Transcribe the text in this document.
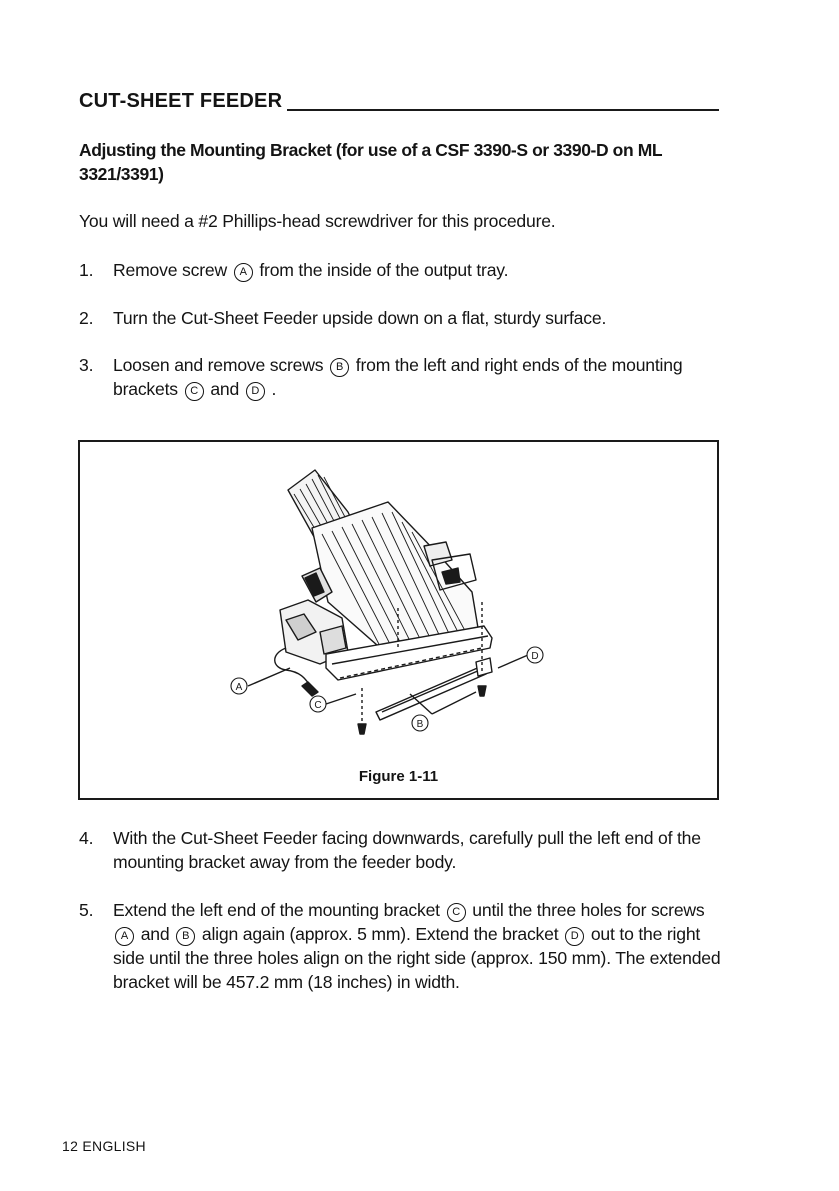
CUT-SHEET FEEDER
Adjusting the Mounting Bracket (for use of a CSF 3390-S or 3390-D on ML 3321/3391)
You will need a #2 Phillips-head screwdriver for this procedure.
1. Remove screw A from the inside of the output tray.
2. Turn the Cut-Sheet Feeder upside down on a flat, sturdy surface.
3. Loosen and remove screws B from the left and right ends of the mounting brackets C and D .
A
B
C
D
Figure 1-11
4. With the Cut-Sheet Feeder facing downwards, carefully pull the left end of the mounting bracket away from the feeder body.
5. Extend the left end of the mounting bracket C until the three holes for screws A and B align again (approx. 5 mm). Extend the bracket D out to the right side until the three holes align on the right side (approx. 150 mm). The extended bracket will be 457.2 mm (18 inches) in width.
12 ENGLISH
